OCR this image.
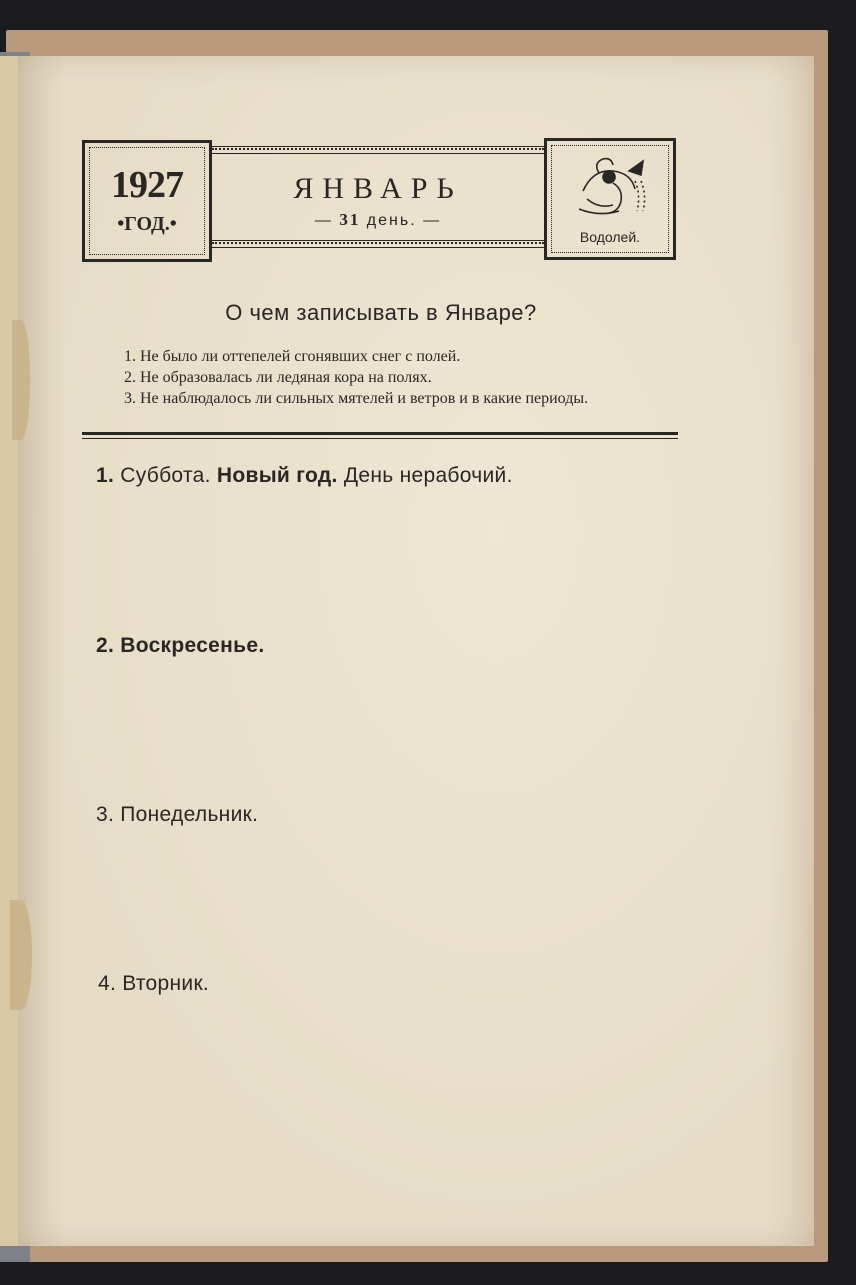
1927
•ГОД.•
ЯНВАРЬ
— 31 день. —
Водолей.
О чем записывать в Январе?
1. Не было ли оттепелей сгонявших снег с полей.
2. Не образовалась ли ледяная кора на полях.
3. Не наблюдалось ли сильных мятелей и ветров и в какие периоды.
1. Суббота. Новый год. День нерабочий.
2. Воскресенье.
3. Понедельник.
4. Вторник.
